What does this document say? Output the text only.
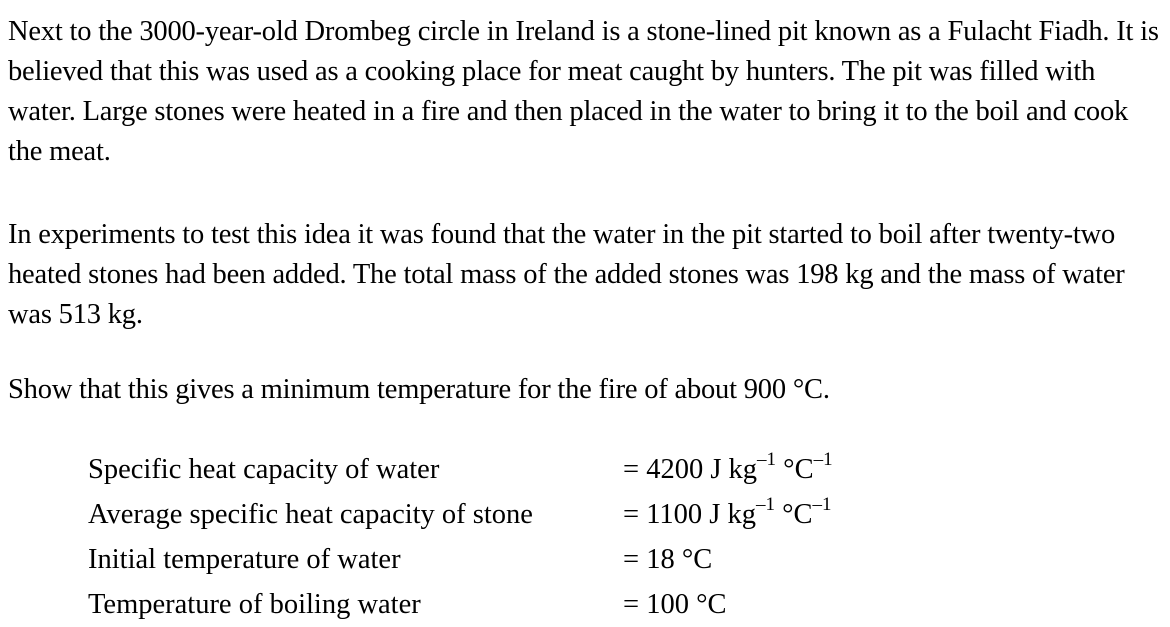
Next to the 3000-year-old Drombeg circle in Ireland is a stone-lined pit known as a Fulacht Fiadh. It is believed that this was used as a cooking place for meat caught by hunters. The pit was filled with water. Large stones were heated in a fire and then placed in the water to bring it to the boil and cook the meat.

In experiments to test this idea it was found that the water in the pit started to boil after twenty-two heated stones had been added. The total mass of the added stones was 198 kg and the mass of water was 513 kg.

Show that this gives a minimum temperature for the fire of about 900 °C.

Specific heat capacity of water	= 4200 J $kg^{-1}$ $^\circ C^{-1}$
Average specific heat capacity of stone	= 1100 J $kg^{-1}$ $^\circ C^{-1}$
Initial temperature of water	= 18 °C
Temperature of boiling water	= 100 °C
